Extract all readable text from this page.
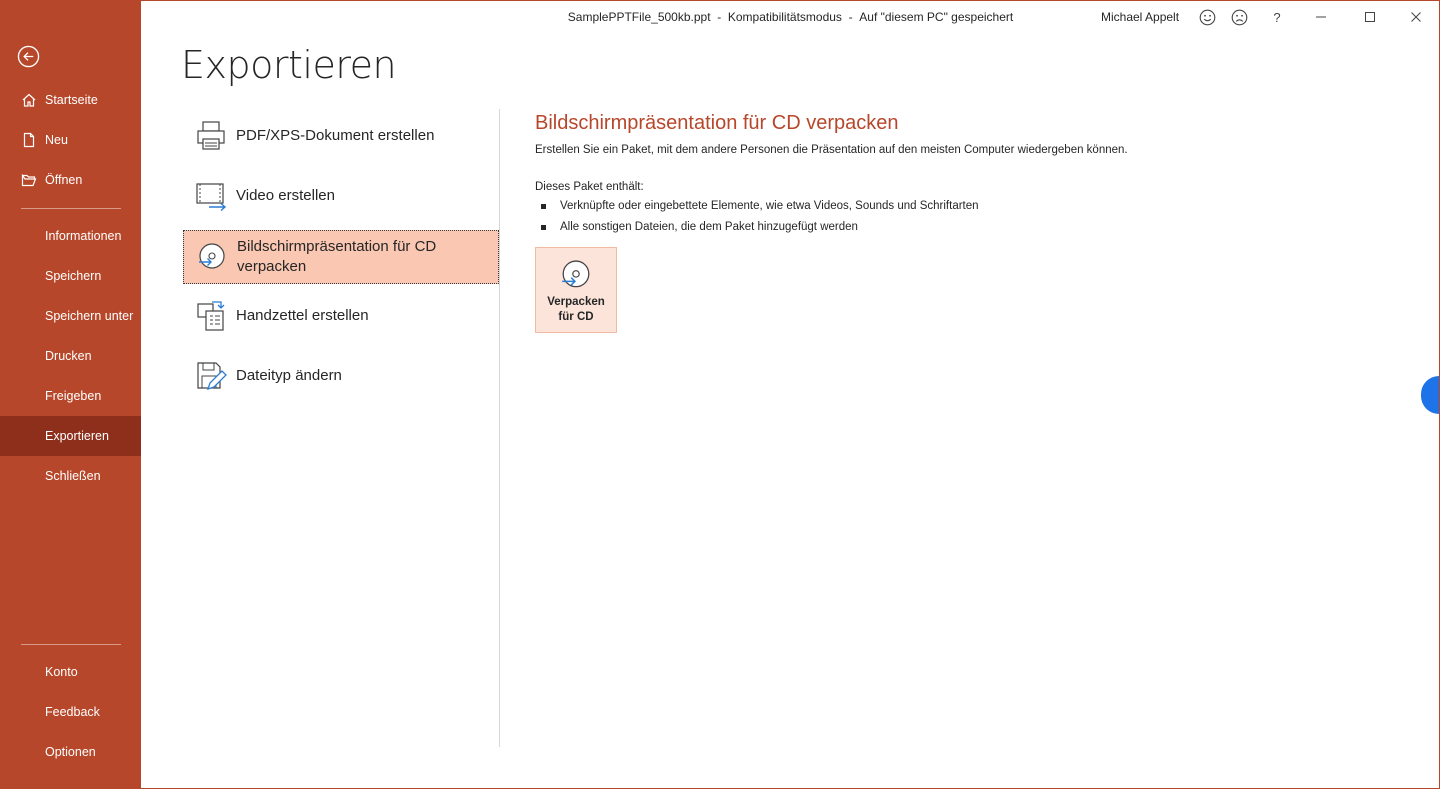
Startseite
Neu
Öffnen
Informationen
Speichern
Speichern unter
Drucken
Freigeben
Exportieren
Schließen
Konto
Feedback
Optionen
SamplePPTFile_500kb.ppt - Kompatibilitätsmodus - Auf "diesem PC" gespeichert	Michael Appelt	?
Exportieren
PDF/XPS-Dokument erstellen
Video erstellen
Bildschirmpräsentation für CD
verpacken
Handzettel erstellen
Dateityp ändern
Bildschirmpräsentation für CD verpacken
Erstellen Sie ein Paket, mit dem andere Personen die Präsentation auf den meisten Computer wiedergeben können.
Dieses Paket enthält:
Verknüpfte oder eingebettete Elemente, wie etwa Videos, Sounds und Schriftarten
Alle sonstigen Dateien, die dem Paket hinzugefügt werden
Verpacken
für CD
